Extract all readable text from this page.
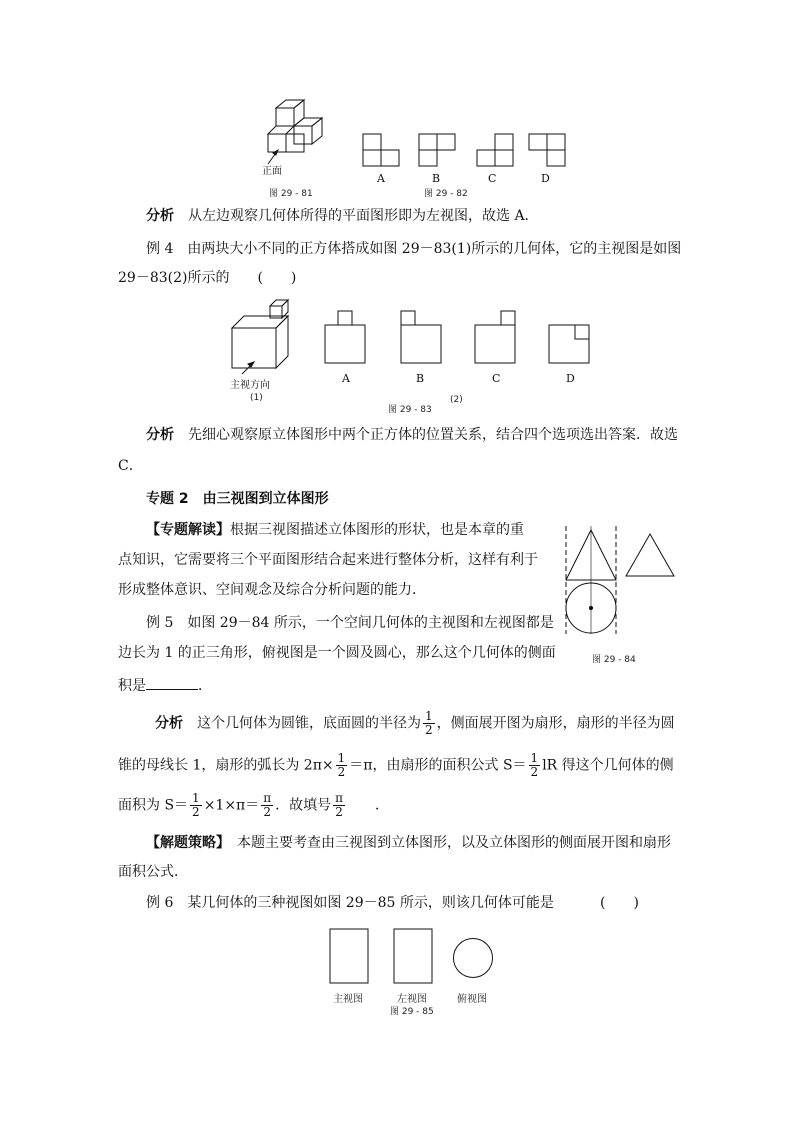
正面
图 29 - 81
A	B	C	D
图 29 - 82
分析　 从左边观察几何体所得的平面图形即为左视图，故选 A．
例 4　由两块大小不同的正方体搭成如图 29－83(1)所示的几何体，它的主视图是如图
29－83(2)所示的　　(　　)
主视方向
(1)
A	B	C	D
图 29 - 83
(2)
分析　 先细心观察原立体图形中两个正方体的位置关系，结合四个选项选出答案．故选
C．
专题 2　由三视图到立体图形
【专题解读】根据三视图描述立体图形的形状，也是本章的重
点知识，它需要将三个平面图形结合起来进行整体分析，这样有利于
形成整体意识、空间观念及综合分析问题的能力．
例 5　如图 29－84 所示，一个空间几何体的主视图和左视图都是
边长为 1 的正三角形，俯视图是一个圆及圆心，那么这个几何体的侧面
积是	．
图 29 - 84
分析　 这个几何体为圆锥，底面圆的半径为 $\frac{1}{2}$ ，侧面展开图为扇形，扇形的半径为圆
锥的母线长 1，扇形的弧长为 $2\pi\times \frac{1}{2} =\pi$，由扇形的面积公式 $S= \frac{1}{2}$ lR 得这个几何体的侧
面积为 $S= \frac{1}{2} \times 1\times\pi= \frac{\pi}{2}$ ．故填号 $\frac{\pi}{2}$
　　 ．
【解题策略】　 本题主要考查由三视图到立体图形，以及立体图形的侧面展开图和扇形
面积公式．
例 6　某几何体的三种视图如图 29－85 所示，则该几何体可能是	(　　)
主视图	左视图	俯视图
图 29 - 85
